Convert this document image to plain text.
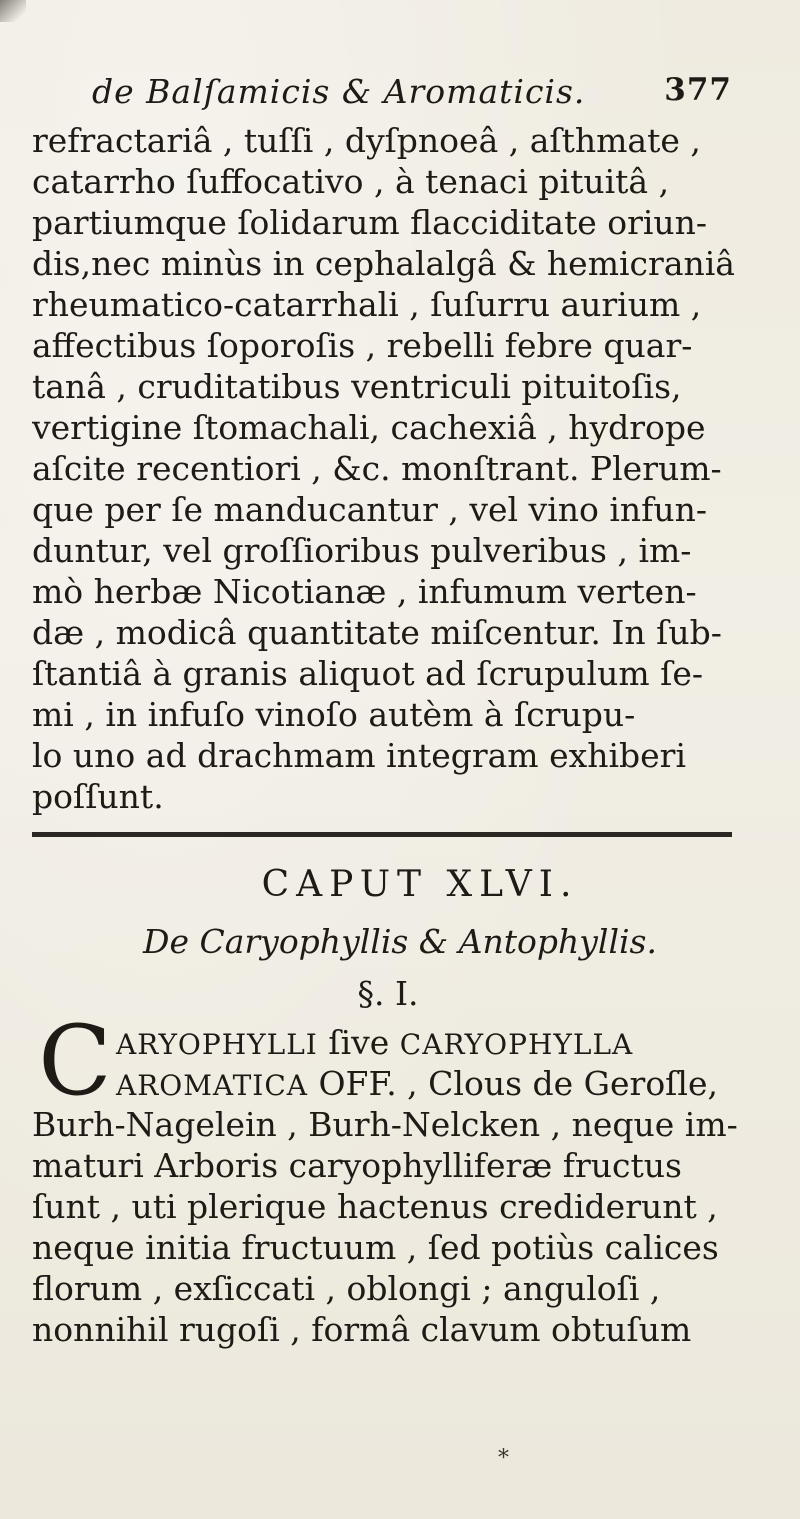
de Balſamicis & Aromaticis.	377
refractariâ , tuſſi , dyſpnoeâ , aſthmate ,
catarrho ſuffocativo , à tenaci pituitâ ,
partiumque ſolidarum flacciditate oriun-
dis,nec minùs in cephalalgâ & hemicraniâ
rheumatico-catarrhali , ſuſurru aurium ,
affectibus ſoporoſis , rebelli febre quar-
tanâ , cruditatibus ventriculi pituitoſis,
vertigine ſtomachali, cachexiâ , hydrope
aſcite recentiori , &c. monſtrant. Plerum-
que per ſe manducantur , vel vino infun-
duntur, vel groſſioribus pulveribus , im-
mò herbæ Nicotianæ , infumum verten-
dæ , modicâ quantitate miſcentur. In ſub-
ſtantiâ à granis aliquot ad ſcrupulum ſe-
mi , in infuſo vinoſo autèm à ſcrupu-
lo uno ad drachmam integram exhiberi
poſſunt.
CAPUT XLVI.
De Caryophyllis & Antophyllis.
§. I.
C ARYOPHYLLI ſive CARYOPHYLLA
AROMATICA OFF. , Clous de Geroſle,
Burh-Nagelein , Burh-Nelcken , neque im-
maturi Arboris caryophylliferæ fructus
ſunt , uti plerique hactenus crediderunt ,
neque initia fructuum , ſed potiùs calices
florum , exſiccati , oblongi ; anguloſi ,
nonnihil rugoſi , formâ clavum obtuſum
*
